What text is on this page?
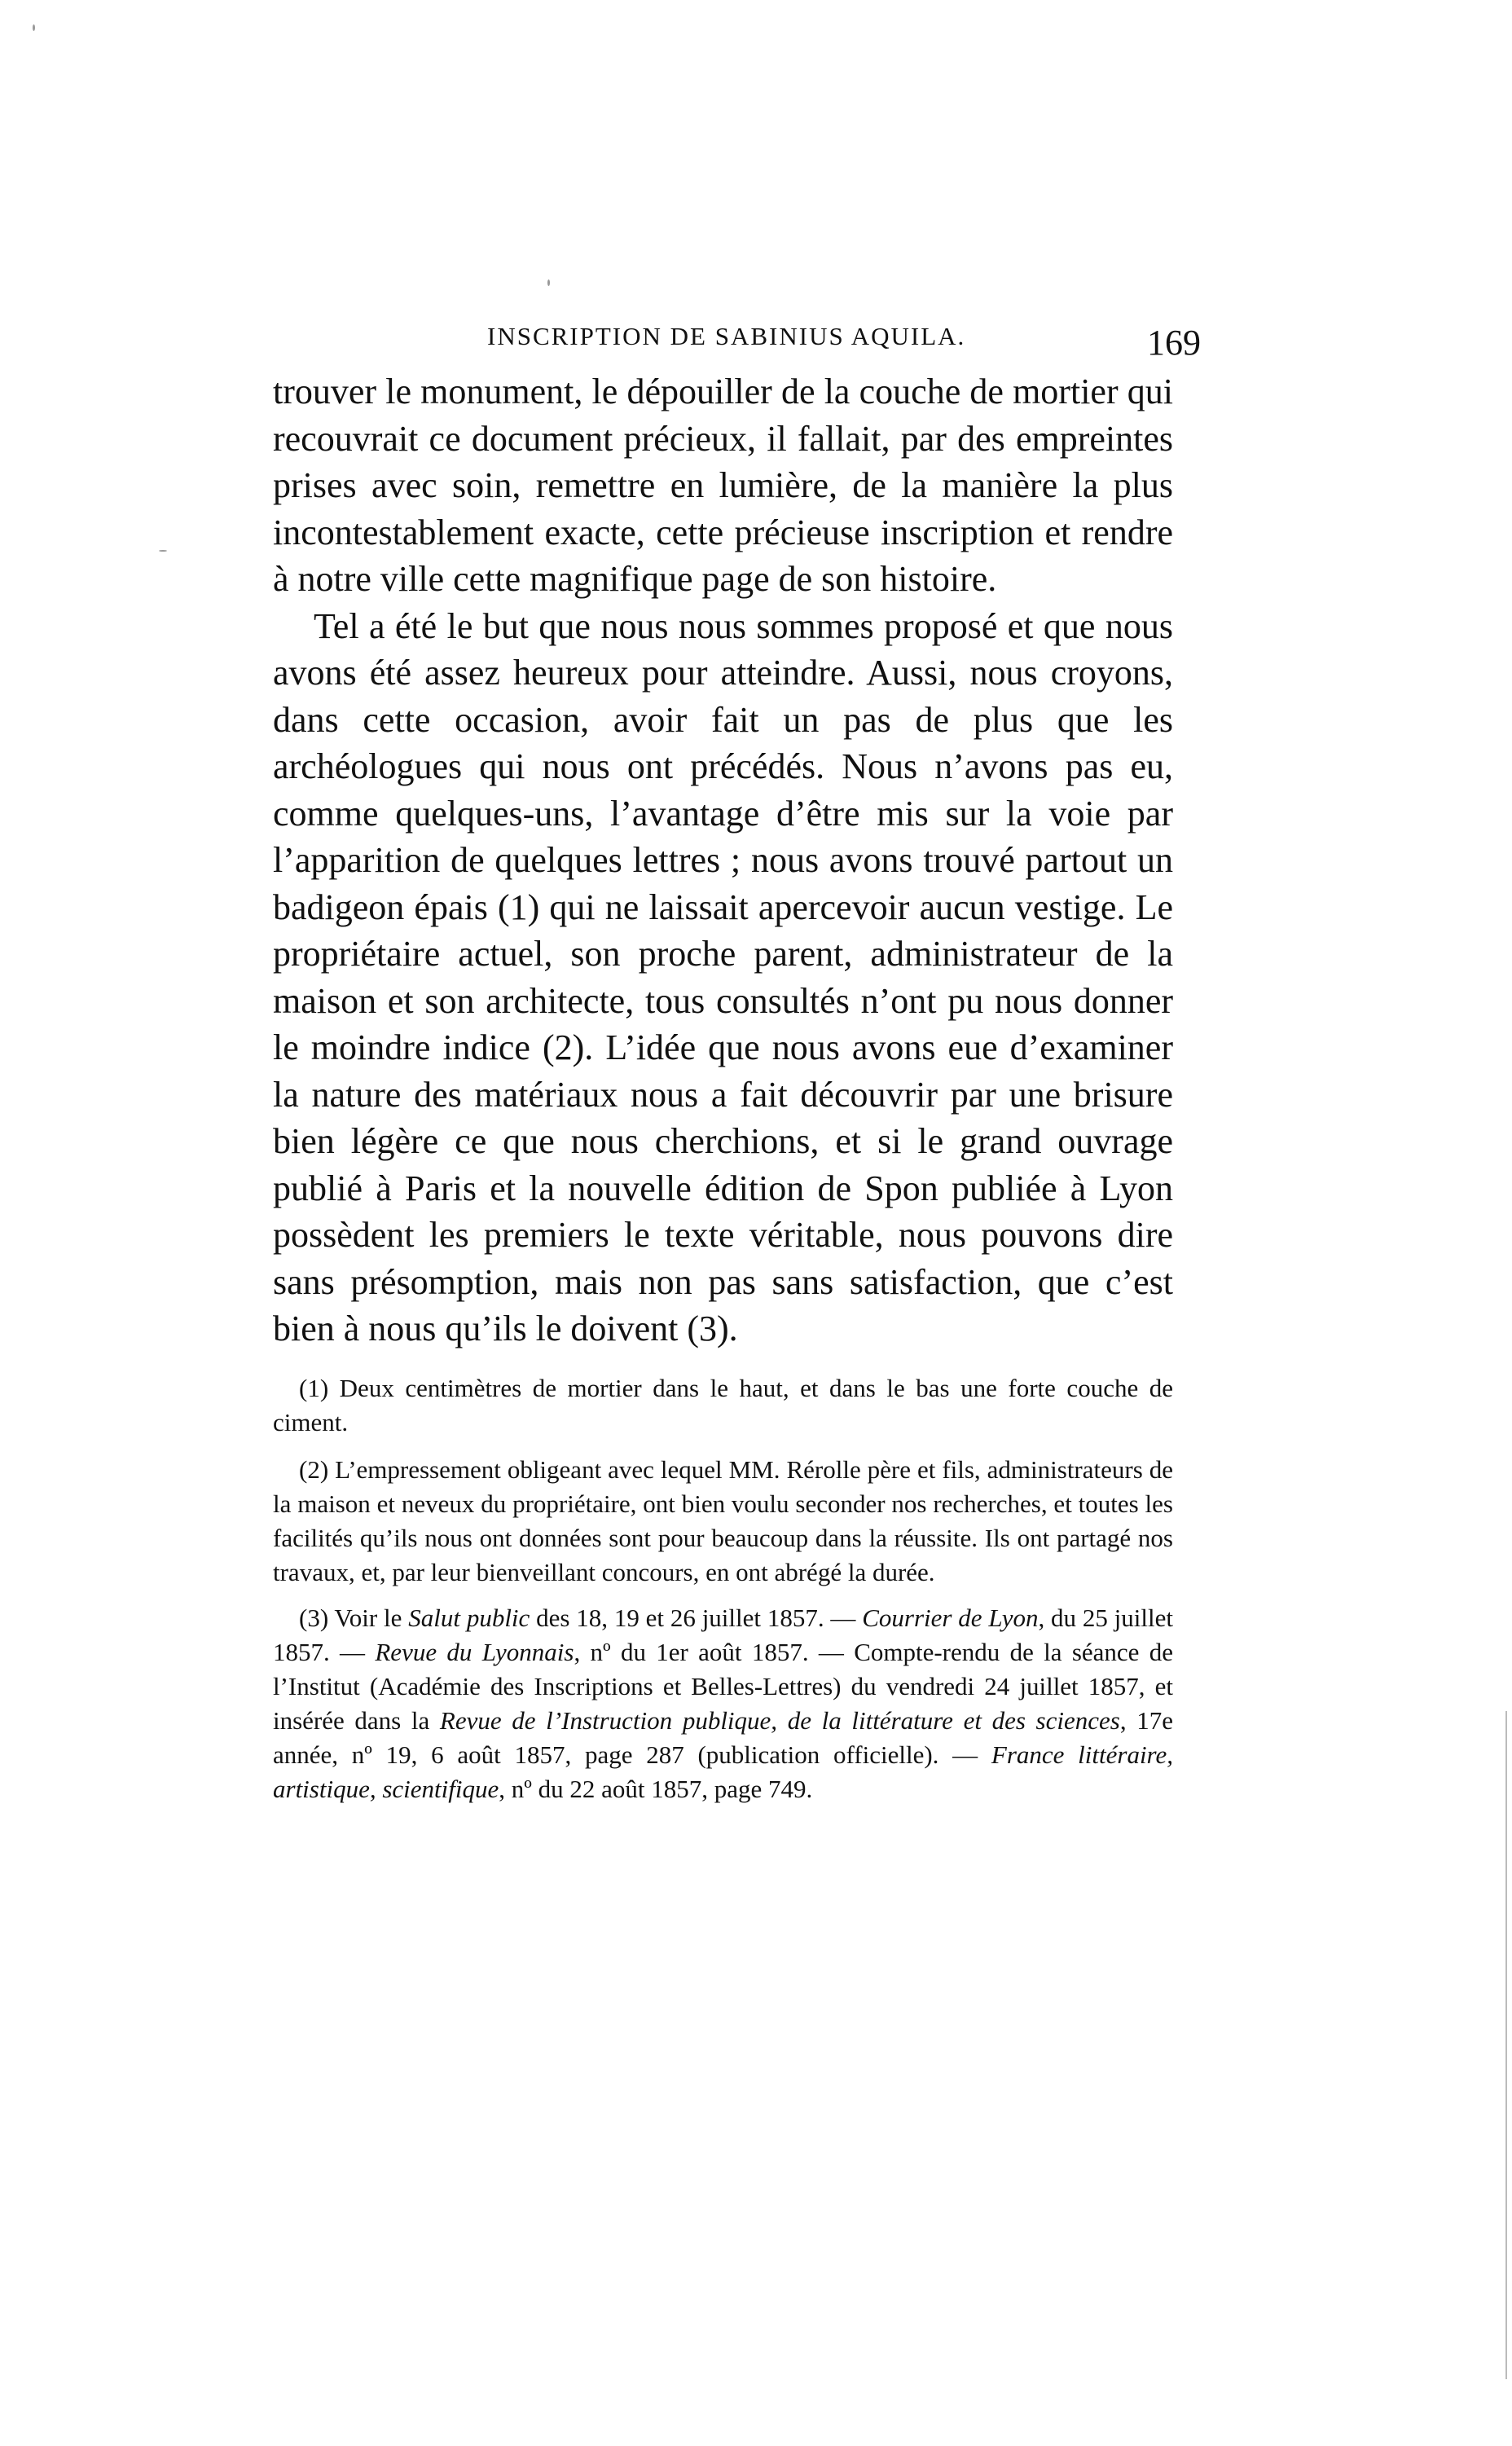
INSCRIPTION DE SABINIUS AQUILA.	169

trouver le monument, le dépouiller de la couche de mortier qui recouvrait ce document précieux, il fallait, par des empreintes prises avec soin, remettre en lumière, de la manière la plus incontestablement exacte, cette précieuse inscription et rendre à notre ville cette magnifique page de son histoire.

Tel a été le but que nous nous sommes proposé et que nous avons été assez heureux pour atteindre. Aussi, nous croyons, dans cette occasion, avoir fait un pas de plus que les archéologues qui nous ont précédés. Nous n’avons pas eu, comme quelques-uns, l’avantage d’être mis sur la voie par l’apparition de quelques lettres ; nous avons trouvé partout un badigeon épais (1) qui ne laissait apercevoir aucun vestige. Le propriétaire actuel, son proche parent, administrateur de la maison et son architecte, tous consultés n’ont pu nous donner le moindre indice (2). L’idée que nous avons eue d’examiner la nature des matériaux nous a fait découvrir par une brisure bien légère ce que nous cherchions, et si le grand ouvrage publié à Paris et la nouvelle édition de Spon publiée à Lyon possèdent les premiers le texte véritable, nous pouvons dire sans présomption, mais non pas sans satisfaction, que c’est bien à nous qu’ils le doivent (3).

(1) Deux centimètres de mortier dans le haut, et dans le bas une forte couche de ciment.

(2) L’empressement obligeant avec lequel MM. Rérolle père et fils, administrateurs de la maison et neveux du propriétaire, ont bien voulu seconder nos recherches, et toutes les facilités qu’ils nous ont données sont pour beaucoup dans la réussite. Ils ont partagé nos travaux, et, par leur bienveillant concours, en ont abrégé la durée.

(3) Voir le Salut public des 18, 19 et 26 juillet 1857. — Courrier de Lyon, du 25 juillet 1857. — Revue du Lyonnais, nº du 1er août 1857. — Compte-rendu de la séance de l’Institut (Académie des Inscriptions et Belles-Lettres) du vendredi 24 juillet 1857, et insérée dans la Revue de l’Instruction publique, de la littérature et des sciences, 17e année, nº 19, 6 août 1857, page 287 (publication officielle). — France littéraire, artistique, scientifique, nº du 22 août 1857, page 749.
